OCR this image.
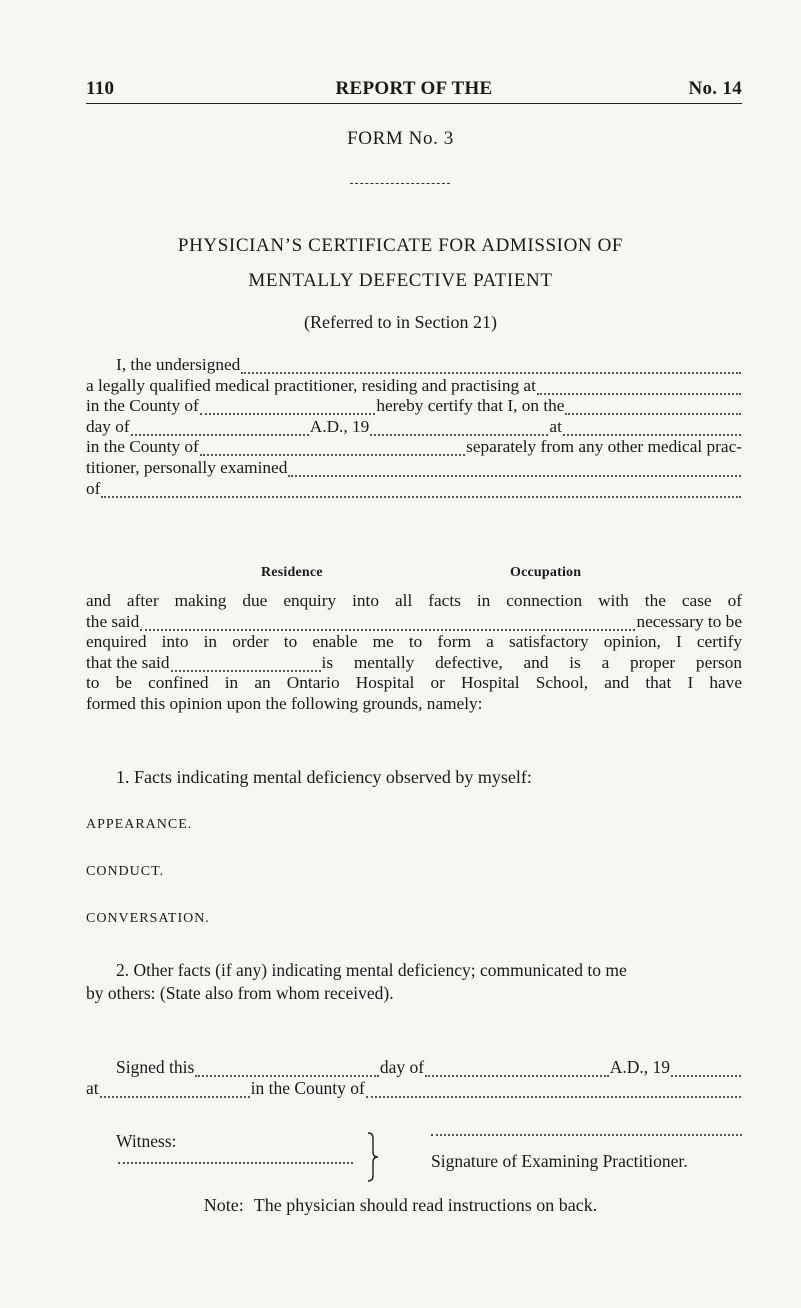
110	REPORT OF THE	No. 14
FORM No. 3
PHYSICIAN’S CERTIFICATE FOR ADMISSION OF
MENTALLY DEFECTIVE PATIENT
(Referred to in Section 21)
I, the undersigned
a legally qualified medical practitioner, residing and practising at
in the County of	hereby certify that I, on the
day of	A.D., 19	at
in the County of	separately from any other medical prac-
titioner, personally examined
of
Residence	Occupation
and after making due enquiry into all facts in connection with the case of
the said	necessary to be
enquired into in order to enable me to form a satisfactory opinion, I certify
that the said	is mentally defective, and is a proper person
to be confined in an Ontario Hospital or Hospital School, and that I have
formed this opinion upon the following grounds, namely:
1. Facts indicating mental deficiency observed by myself:
APPEARANCE.
CONDUCT.
CONVERSATION.
2. Other facts (if any) indicating mental deficiency; communicated to me
by others: (State also from whom received).
Signed this	day of	A.D., 19
at	in the County of
Witness:
Signature of Examining Practitioner.
Note: The physician should read instructions on back.
